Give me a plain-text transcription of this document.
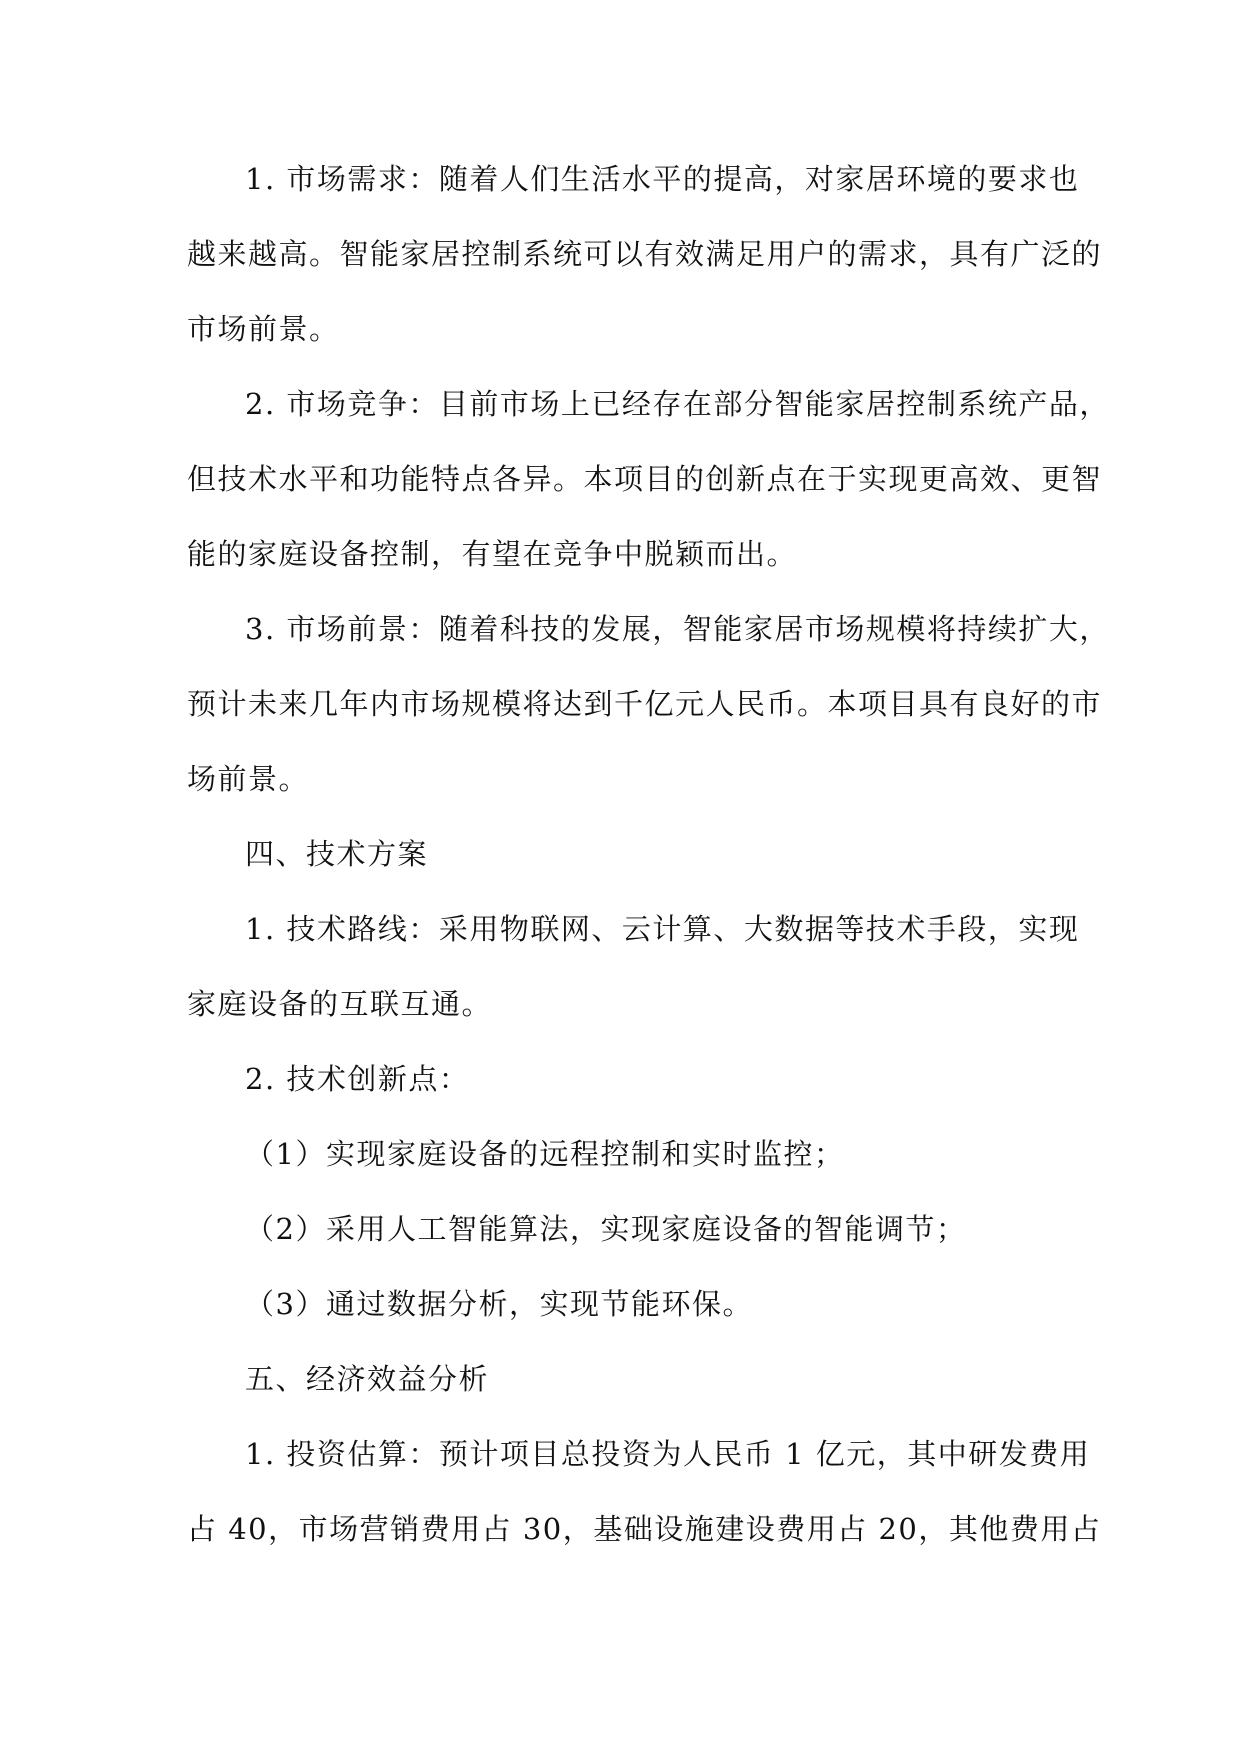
1. 市场需求：随着人们生活水平的提高，对家居环境的要求也
越来越高。智能家居控制系统可以有效满足用户的需求，具有广泛的
市场前景。

2. 市场竞争：目前市场上已经存在部分智能家居控制系统产品，
但技术水平和功能特点各异。本项目的创新点在于实现更高效、更智
能的家庭设备控制，有望在竞争中脱颖而出。

3. 市场前景：随着科技的发展，智能家居市场规模将持续扩大，
预计未来几年内市场规模将达到千亿元人民币。本项目具有良好的市
场前景。

四、技术方案

1. 技术路线：采用物联网、云计算、大数据等技术手段，实现
家庭设备的互联互通。

2. 技术创新点：

（1）实现家庭设备的远程控制和实时监控；

（2）采用人工智能算法，实现家庭设备的智能调节；

（3）通过数据分析，实现节能环保。

五、经济效益分析

1. 投资估算：预计项目总投资为人民币 1 亿元，其中研发费用
占 40，市场营销费用占 30，基础设施建设费用占 20，其他费用占
